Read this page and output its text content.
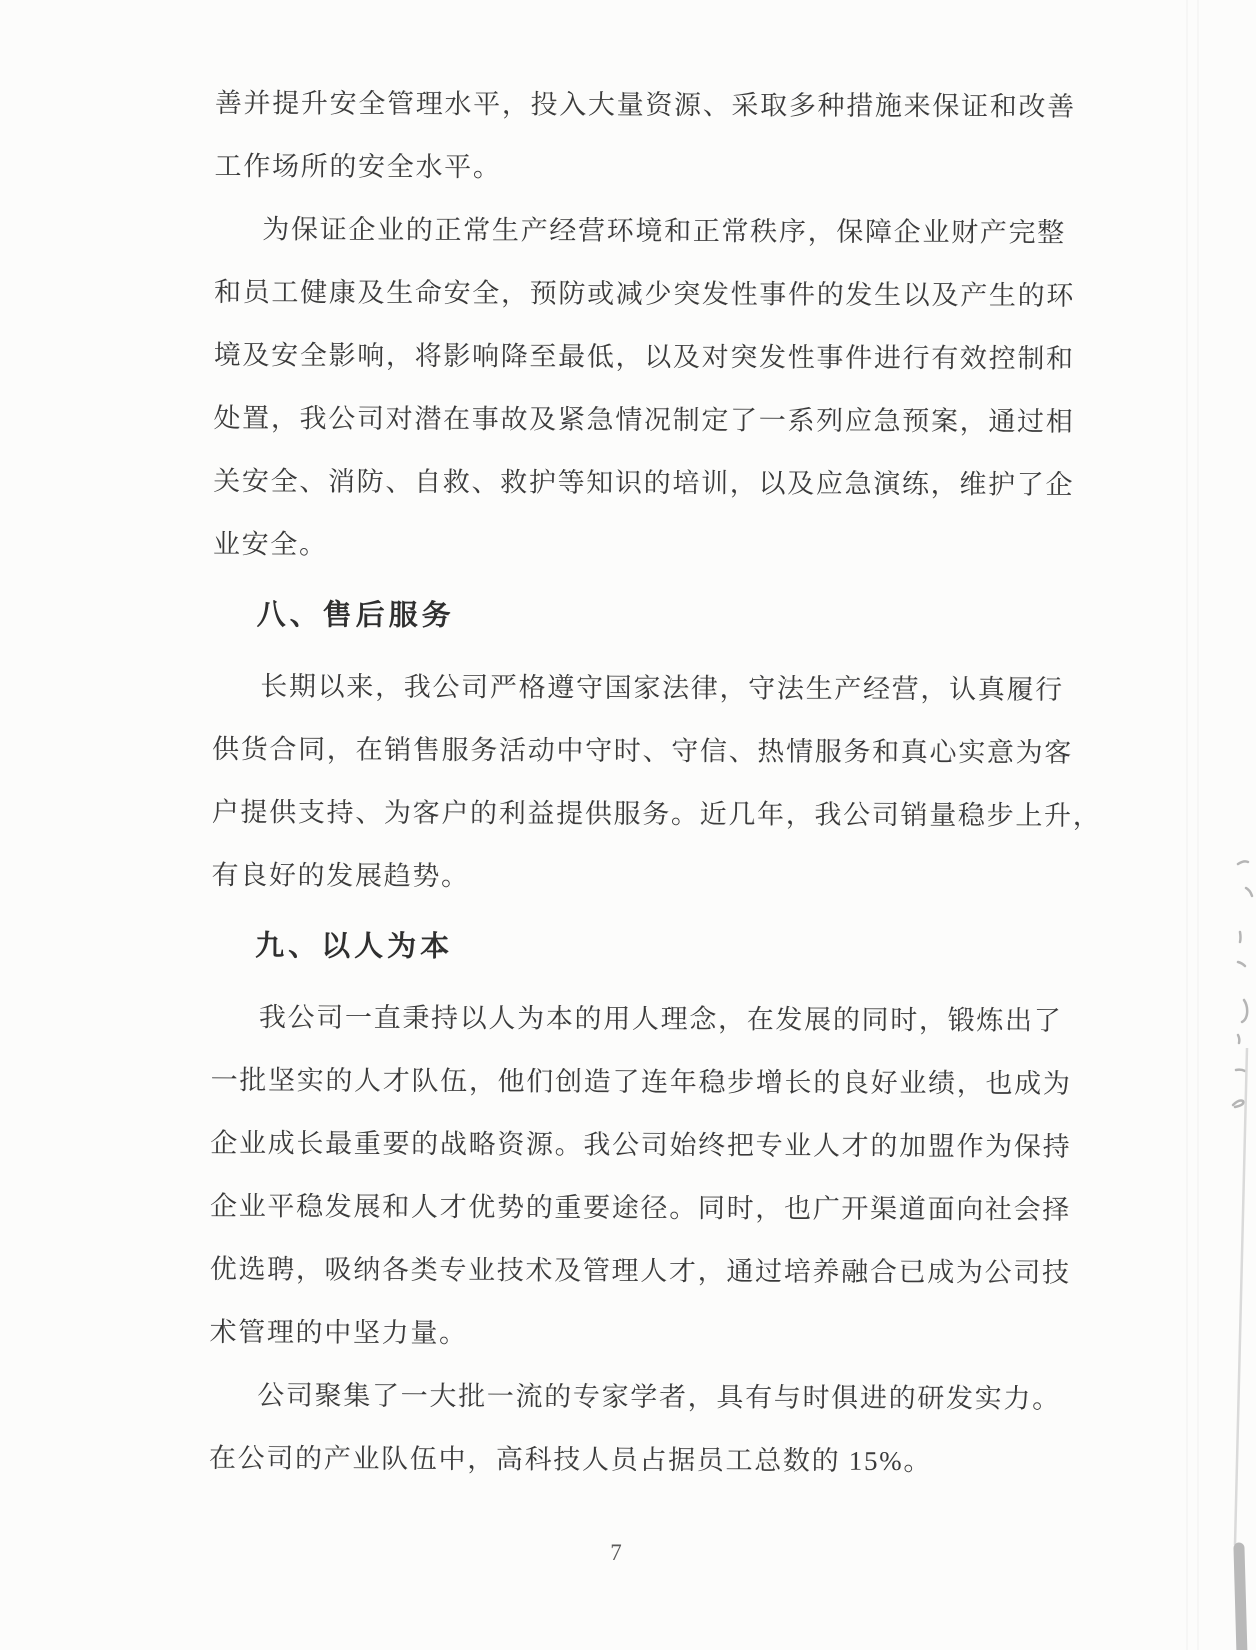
善并提升安全管理水平，投入大量资源、采取多种措施来保证和改善
工作场所的安全水平。
为保证企业的正常生产经营环境和正常秩序，保障企业财产完整
和员工健康及生命安全，预防或减少突发性事件的发生以及产生的环
境及安全影响，将影响降至最低，以及对突发性事件进行有效控制和
处置，我公司对潜在事故及紧急情况制定了一系列应急预案，通过相
关安全、消防、自救、救护等知识的培训，以及应急演练，维护了企
业安全。
八、售后服务
长期以来，我公司严格遵守国家法律，守法生产经营，认真履行
供货合同，在销售服务活动中守时、守信、热情服务和真心实意为客
户提供支持、为客户的利益提供服务。近几年，我公司销量稳步上升，
有良好的发展趋势。
九、以人为本
我公司一直秉持以人为本的用人理念，在发展的同时，锻炼出了
一批坚实的人才队伍，他们创造了连年稳步增长的良好业绩，也成为
企业成长最重要的战略资源。我公司始终把专业人才的加盟作为保持
企业平稳发展和人才优势的重要途径。同时，也广开渠道面向社会择
优选聘，吸纳各类专业技术及管理人才，通过培养融合已成为公司技
术管理的中坚力量。
公司聚集了一大批一流的专家学者，具有与时俱进的研发实力。
在公司的产业队伍中，高科技人员占据员工总数的 15%。
7
